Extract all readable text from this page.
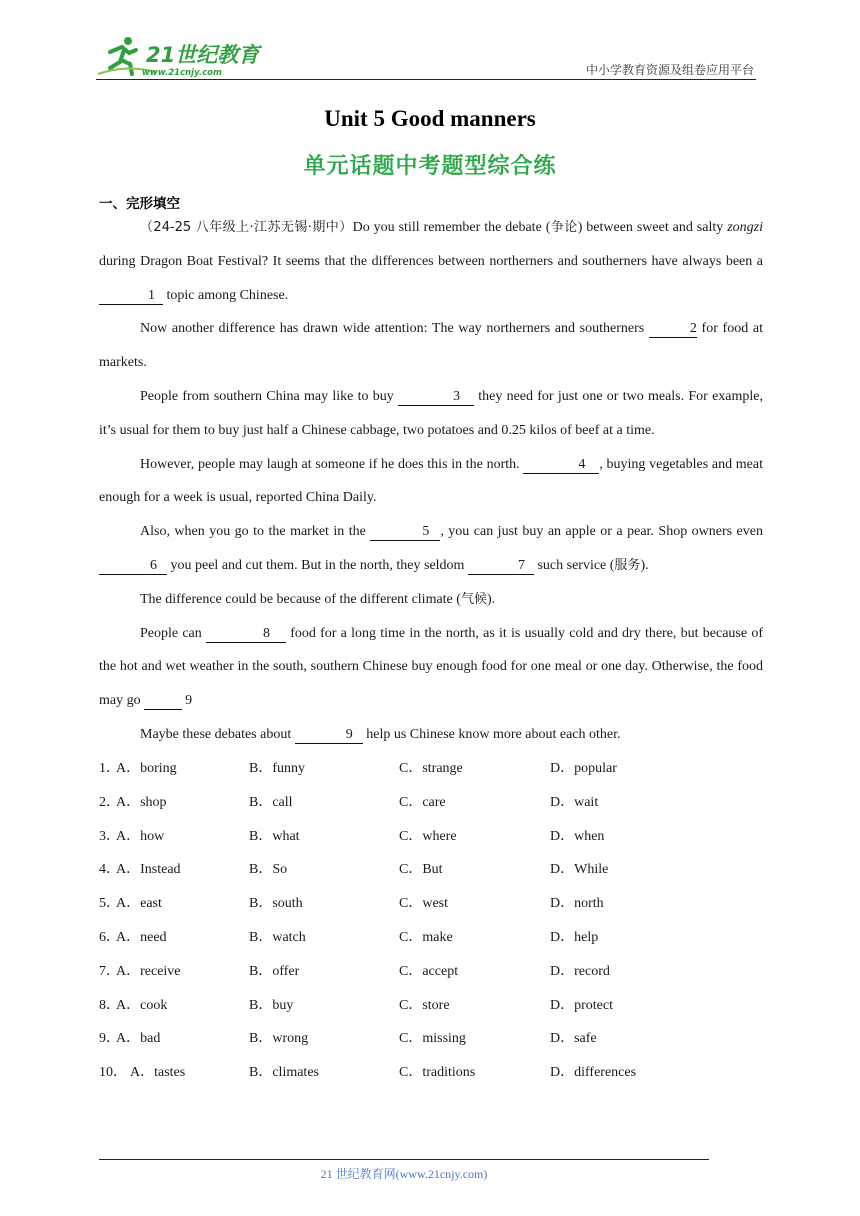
21世纪教育
www.21cnjy.com	中小学教育资源及组卷应用平台
Unit 5 Good manners
单元话题中考题型综合练
一、完形填空

（24-25 八年级上·江苏无锡·期中）Do you still remember the debate (争论) between sweet and salty zongzi during Dragon Boat Festival? It seems that the differences between northerners and southerners have always been a 1 topic among Chinese.

Now another difference has drawn wide attention: The way northerners and southerners	2 for food at markets.

People from southern China may like to buy	3 they need for just one or two meals. For example, it’s usual for them to buy just half a Chinese cabbage, two potatoes and 0.25 kilos of beef at a time.

However, people may laugh at someone if he does this in the north.	4 , buying vegetables and meat enough for a week is usual, reported China Daily.

Also, when you go to the market in the	5 , you can just buy an apple or a pear. Shop owners even 6 you peel and cut them. But in the north, they seldom	7 such service (服务).

The difference could be because of the different climate (气候).

People can	8 food for a long time in the north, as it is usually cold and dry there, but because of the hot and wet weather in the south, southern Chinese buy enough food for one meal or one day. Otherwise, the food may go	9

Maybe these debates about	9 help us Chinese know more about each other.

1．
A．boring	B．funny	C．strange	D．popular
2．
A．shop	B．call	C．care	D．wait
3．
A．how	B．what	C．where	D．when
4．
A．Instead	B．So	C．But	D．While
5．
A．east	B．south	C．west	D．north
6．
A．need	B．watch	C．make	D．help
7．
A．receive	B．offer	C．accept	D．record
8．
A．cook	B．buy	C．store	D．protect
9．
A．bad	B．wrong	C．missing	D．safe
10． A．tastes	B．climates	C．traditions	D．differences
21 世纪教育网(www.21cnjy.com)
